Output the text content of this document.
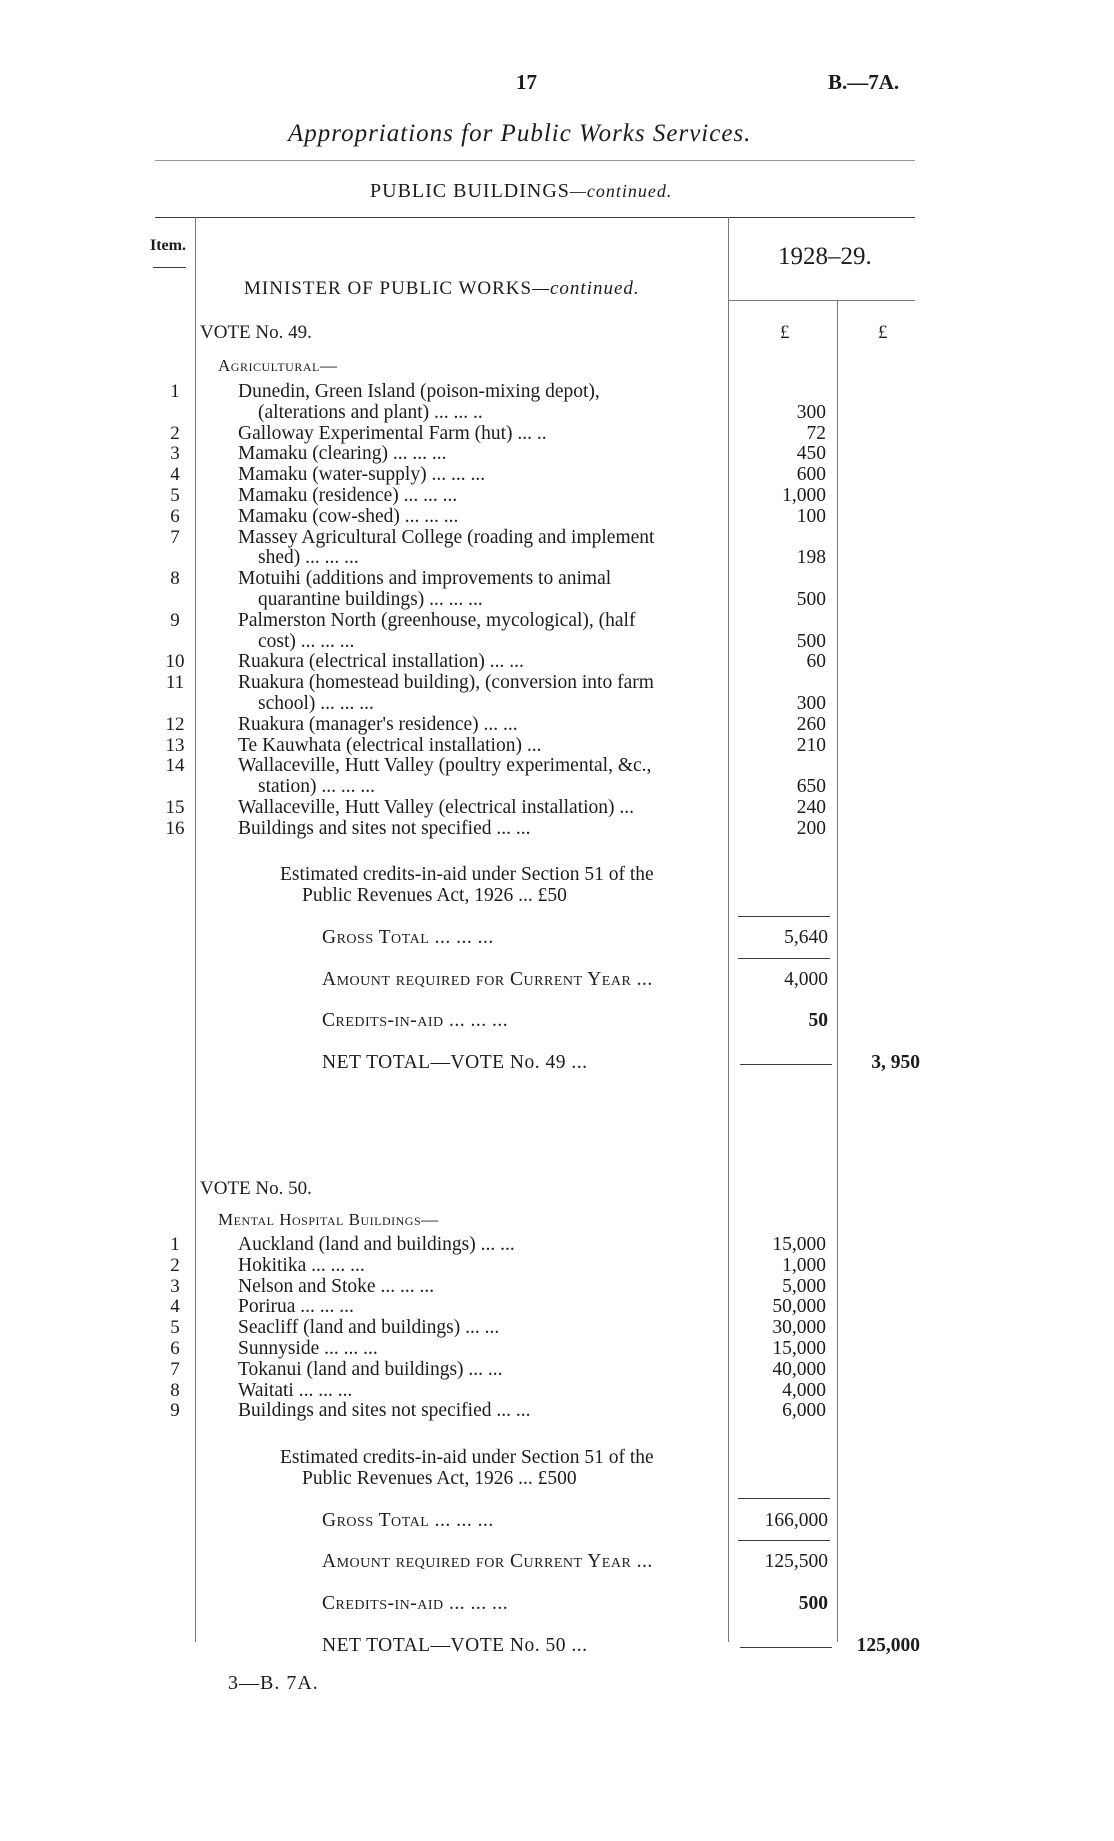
17	B.—7A.
Appropriations for Public Works Services.
PUBLIC BUILDINGS—continued.
Item.	1928–29.
MINISTER OF PUBLIC WORKS—continued.
£	£
VOTE No. 49.
Agricultural—
1	Dunedin, Green Island (poison-mixing depot),
(alterations and plant) ... ... ..	300
2	Galloway Experimental Farm (hut) ... ..	72
3	Mamaku (clearing) ... ... ...	450
4	Mamaku (water-supply) ... ... ...	600
5	Mamaku (residence) ... ... ...	1,000
6	Mamaku (cow-shed) ... ... ...	100
7	Massey Agricultural College (roading and implement
shed) ... ... ...	198
8	Motuihi (additions and improvements to animal
quarantine buildings) ... ... ...	500
9	Palmerston North (greenhouse, mycological), (half
cost) ... ... ...	500
10	Ruakura (electrical installation) ... ...	60
11	Ruakura (homestead building), (conversion into farm
school) ... ... ...	300
12	Ruakura (manager's residence) ... ...	260
13	Te Kauwhata (electrical installation) ...	210
14	Wallaceville, Hutt Valley (poultry experimental, &c.,
station) ... ... ...	650
15	Wallaceville, Hutt Valley (electrical installation) ...	240
16	Buildings and sites not specified ... ...	200
Estimated credits-in-aid under Section 51 of the
Public Revenues Act, 1926 ... £50
Gross Total ... ... ...	5,640
Amount required for Current Year ...	4,000
Credits-in-aid ... ... ...	50
NET TOTAL—VOTE No. 49 ...	3, 950
VOTE No. 50.
Mental Hospital Buildings—
1	Auckland (land and buildings) ... ...	15,000
2	Hokitika ... ... ...	1,000
3	Nelson and Stoke ... ... ...	5,000
4	Porirua ... ... ...	50,000
5	Seacliff (land and buildings) ... ...	30,000
6	Sunnyside ... ... ...	15,000
7	Tokanui (land and buildings) ... ...	40,000
8	Waitati ... ... ...	4,000
9	Buildings and sites not specified ... ...	6,000
Estimated credits-in-aid under Section 51 of the
Public Revenues Act, 1926 ... £500
Gross Total ... ... ...	166,000
Amount required for Current Year ...	125,500
Credits-in-aid ... ... ...	500
NET TOTAL—VOTE No. 50 ...	125,000
3—B. 7A.
